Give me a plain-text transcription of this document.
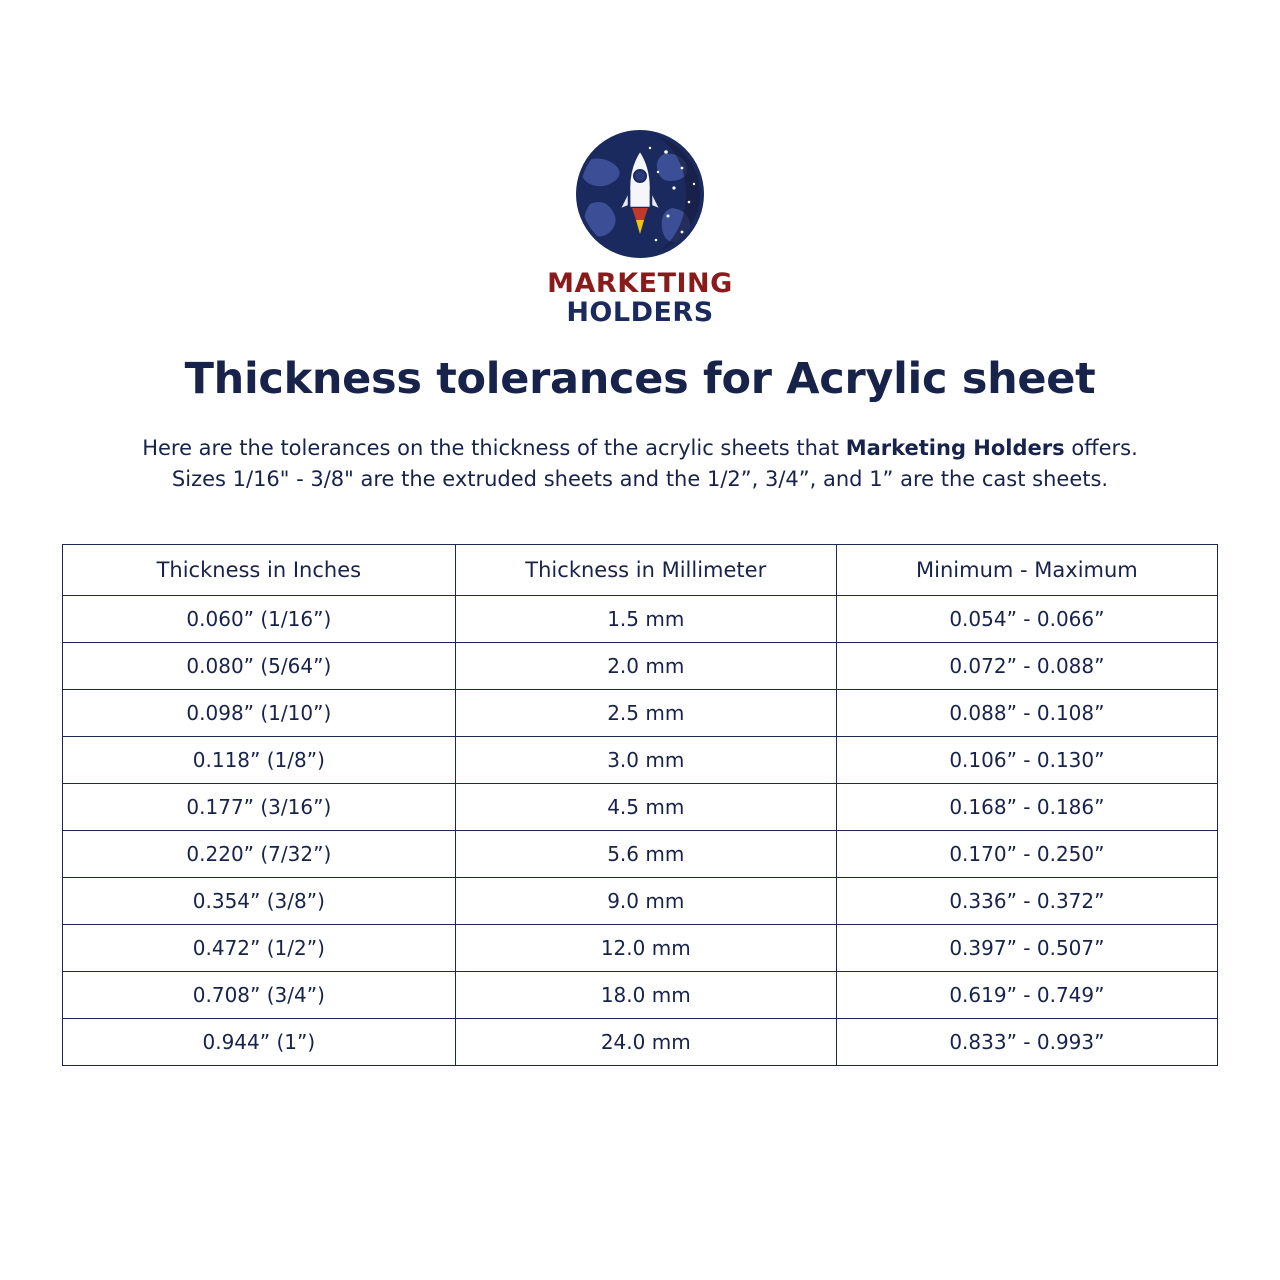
MARKETING
HOLDERS
Thickness tolerances for Acrylic sheet
Here are the tolerances on the thickness of the acrylic sheets that Marketing Holders offers.
Sizes 1/16" - 3/8" are the extruded sheets and the 1/2”, 3/4”, and 1” are the cast sheets.
Thickness in Inches	Thickness in Millimeter	Minimum - Maximum
0.060” (1/16”)	1.5 mm	0.054” - 0.066”
0.080” (5/64”)	2.0 mm	0.072” - 0.088”
0.098” (1/10”)	2.5 mm	0.088” - 0.108”
0.118” (1/8”)	3.0 mm	0.106” - 0.130”
0.177” (3/16”)	4.5 mm	0.168” - 0.186”
0.220” (7/32”)	5.6 mm	0.170” - 0.250”
0.354” (3/8”)	9.0 mm	0.336” - 0.372”
0.472” (1/2”)	12.0 mm	0.397” - 0.507”
0.708” (3/4”)	18.0 mm	0.619” - 0.749”
0.944” (1”)	24.0 mm	0.833” - 0.993”
